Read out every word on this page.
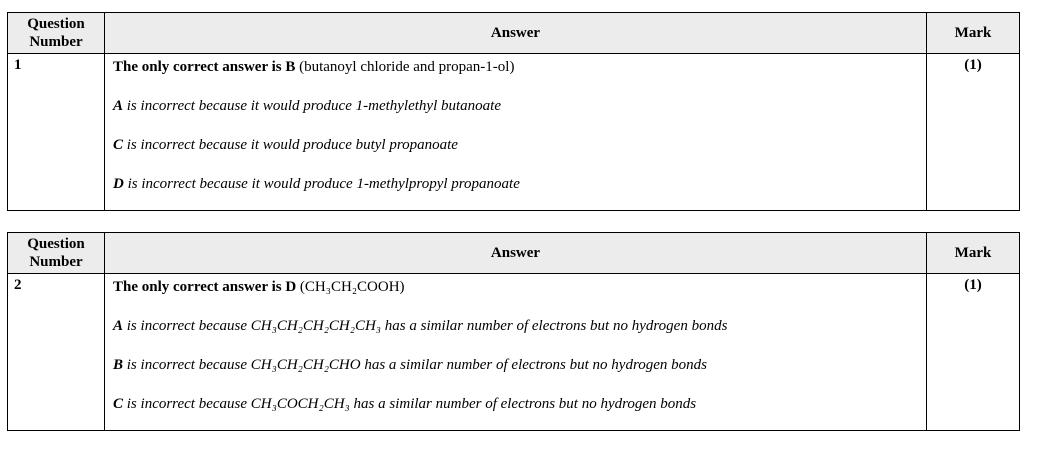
Question Number	Answer	Mark
1	The only correct answer is B (butanoyl chloride and propan-1-ol)

A is incorrect because it would produce 1-methylethyl butanoate

C is incorrect because it would produce butyl propanoate

D is incorrect because it would produce 1-methylpropyl propanoate	(1)
Question Number	Answer	Mark
2	The only correct answer is D (CH₃CH₂COOH)

A is incorrect because CH₃CH₂CH₂CH₂CH₃ has a similar number of electrons but no hydrogen bonds

B is incorrect because CH₃CH₂CH₂CHO has a similar number of electrons but no hydrogen bonds

C is incorrect because CH₃COCH₂CH₃ has a similar number of electrons but no hydrogen bonds	(1)
